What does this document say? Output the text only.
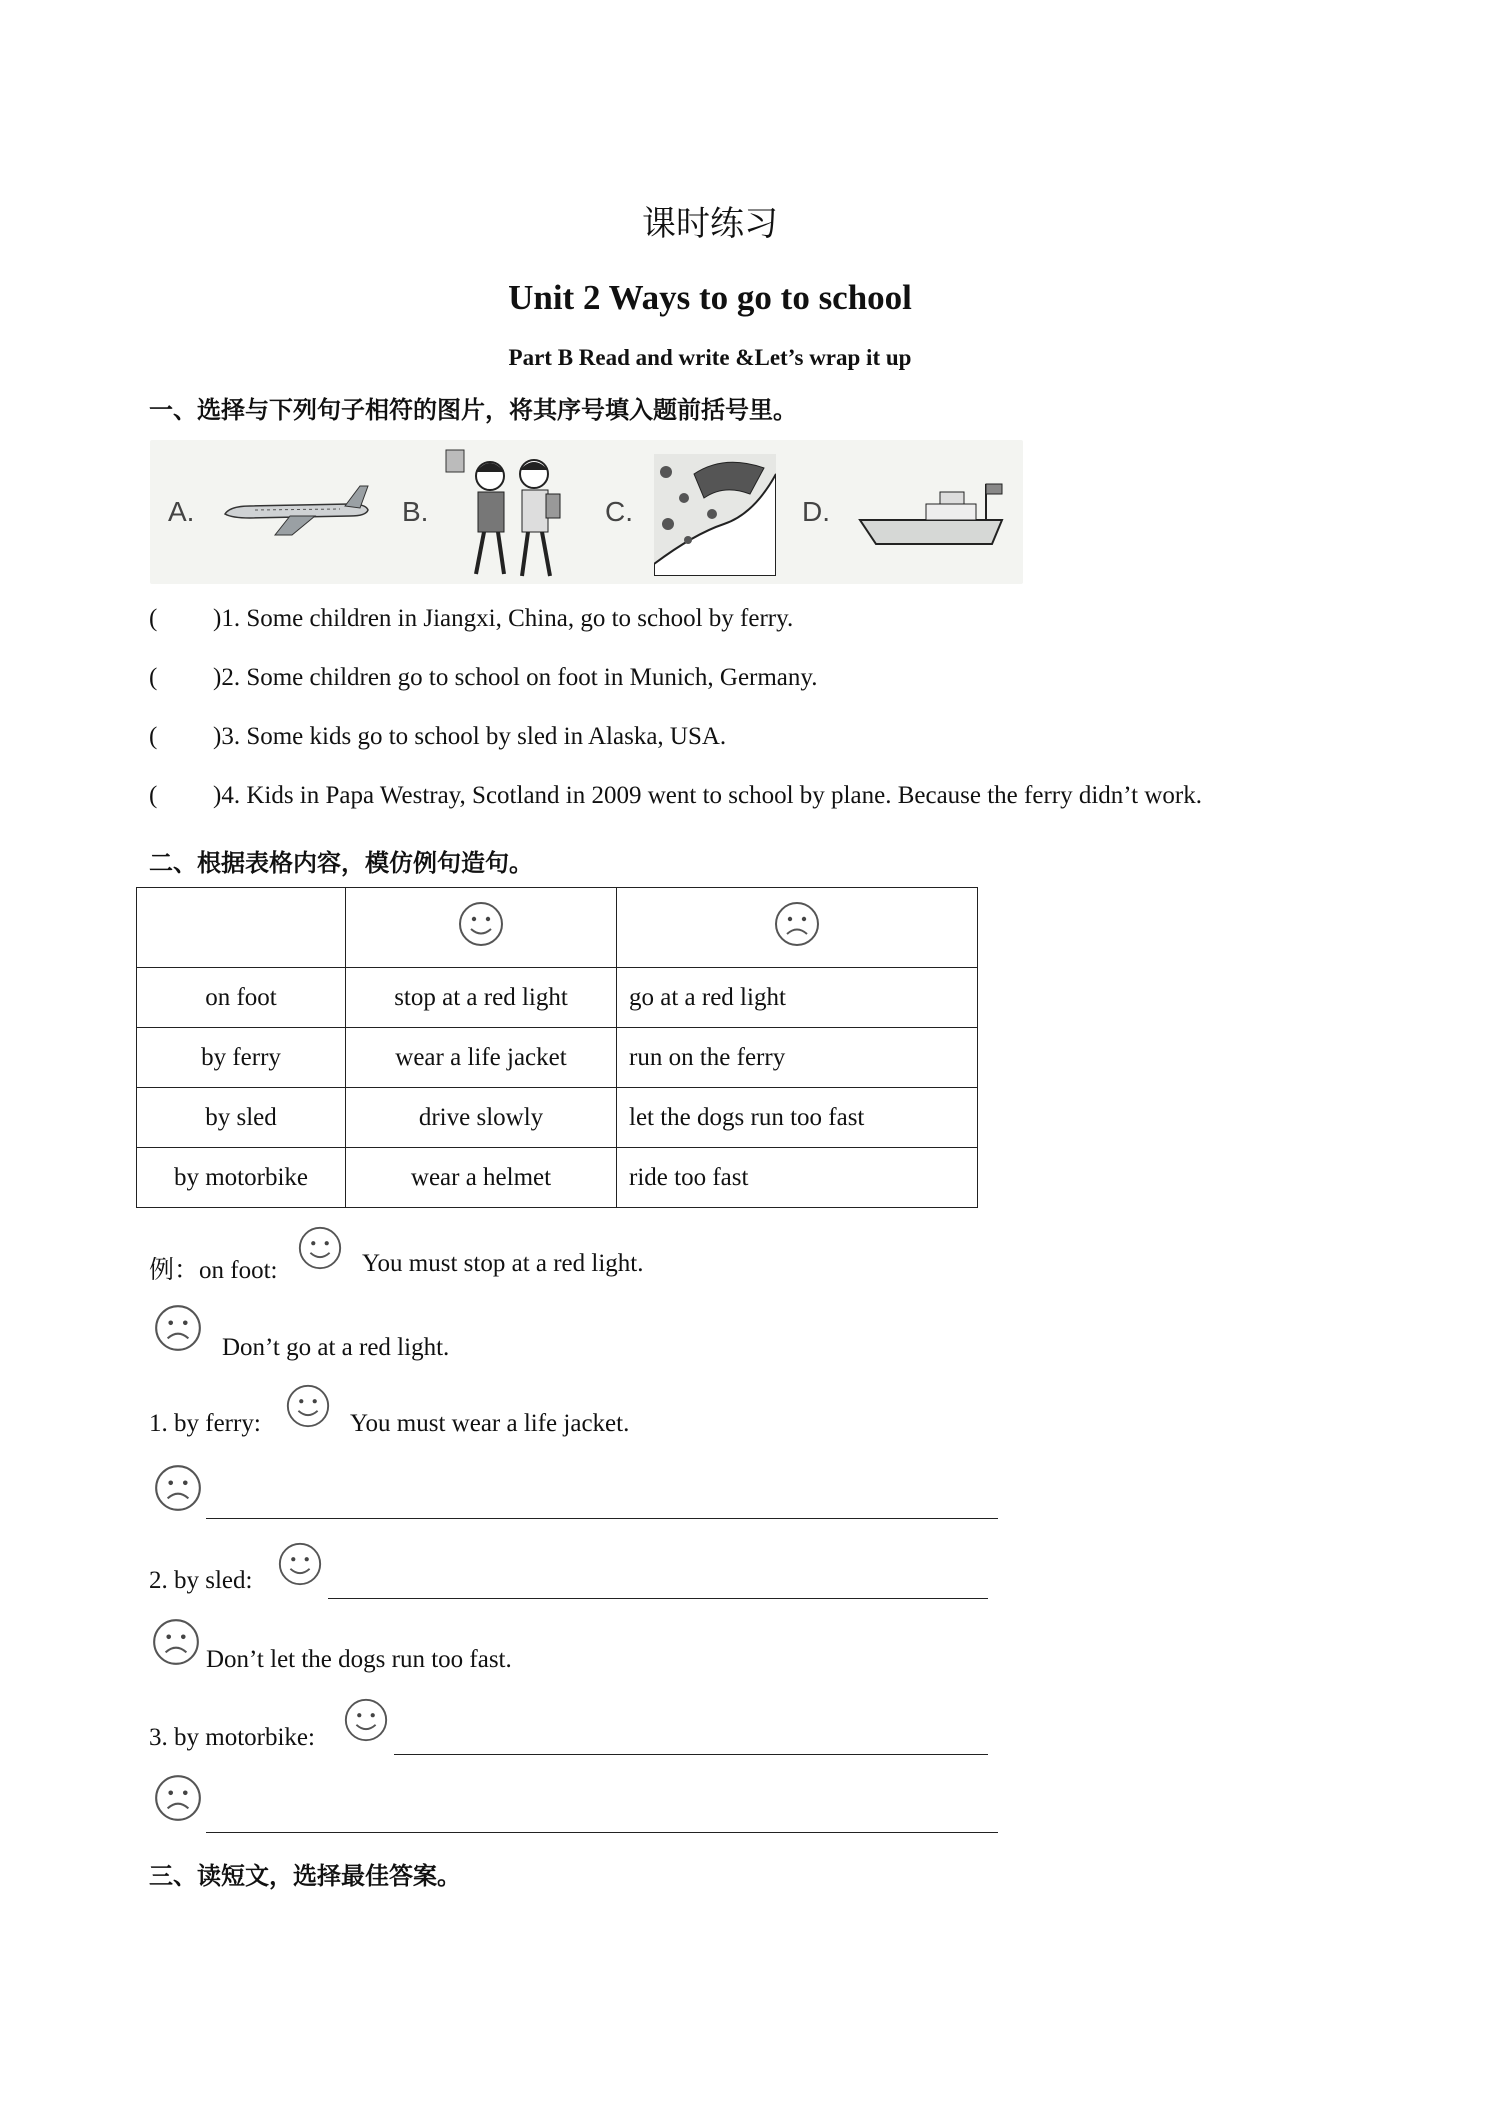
课时练习
Unit 2 Ways to go to school
Part B Read and write &Let’s wrap it up
一、选择与下列句子相符的图片，将其序号填入题前括号里。
A.	B.	C.	D.
( )1. Some children in Jiangxi, China, go to school by ferry.
( )2. Some children go to school on foot in Munich, Germany.
( )3. Some kids go to school by sled in Alaska, USA.
( )4. Kids in Papa Westray, Scotland in 2009 went to school by plane. Because the ferry didn’t work.
二、根据表格内容，模仿例句造句。

on foot	stop at a red light	go at a red light
by ferry	wear a life jacket	run on the ferry
by sled	drive slowly	let the dogs run too fast
by motorbike	wear a helmet	ride too fast
例：on foot:	You must stop at a red light.
Don’t go at a red light.
1. by ferry:	You must wear a life jacket.
2. by sled:
Don’t let the dogs run too fast.
3. by motorbike:
三、读短文，选择最佳答案。
